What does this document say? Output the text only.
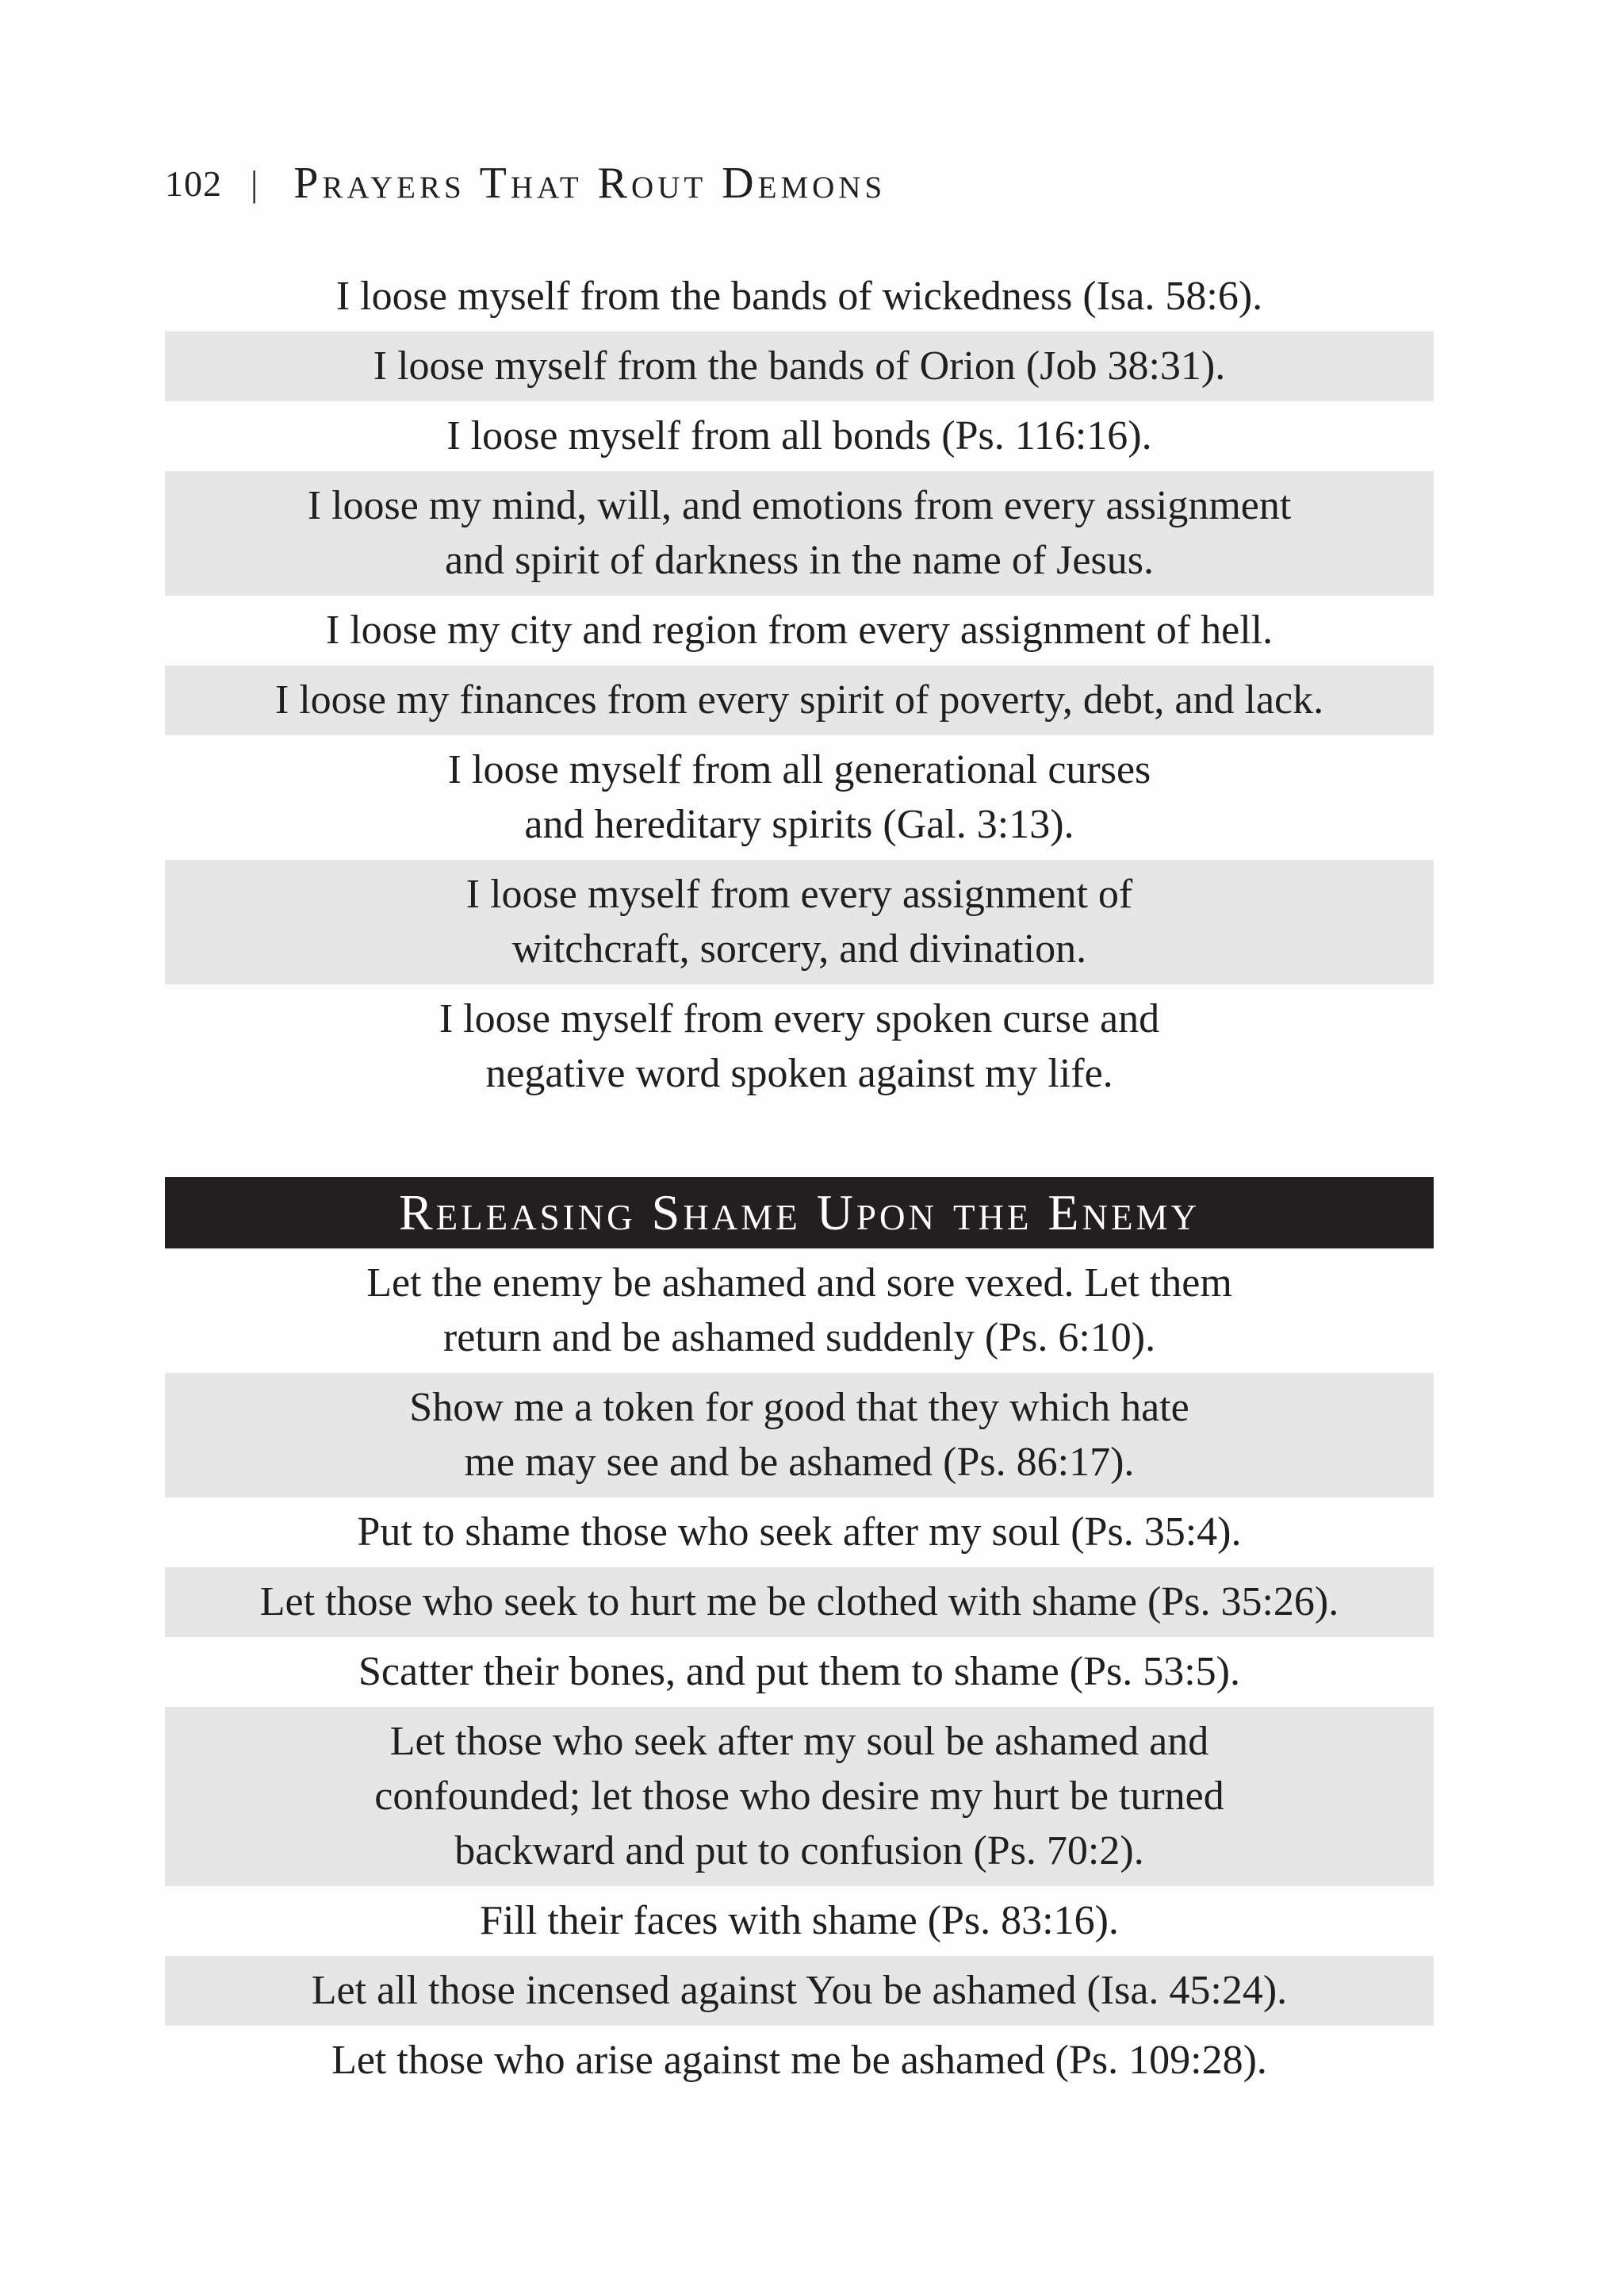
102 | Prayers That Rout Demons
I loose myself from the bands of wickedness (Isa. 58:6).
I loose myself from the bands of Orion (Job 38:31).
I loose myself from all bonds (Ps. 116:16).
I loose my mind, will, and emotions from every assignment
and spirit of darkness in the name of Jesus.
I loose my city and region from every assignment of hell.
I loose my finances from every spirit of poverty, debt, and lack.
I loose myself from all generational curses
and hereditary spirits (Gal. 3:13).
I loose myself from every assignment of
witchcraft, sorcery, and divination.
I loose myself from every spoken curse and
negative word spoken against my life.
Releasing Shame Upon the Enemy
Let the enemy be ashamed and sore vexed. Let them
return and be ashamed suddenly (Ps. 6:10).
Show me a token for good that they which hate
me may see and be ashamed (Ps. 86:17).
Put to shame those who seek after my soul (Ps. 35:4).
Let those who seek to hurt me be clothed with shame (Ps. 35:26).
Scatter their bones, and put them to shame (Ps. 53:5).
Let those who seek after my soul be ashamed and
confounded; let those who desire my hurt be turned
backward and put to confusion (Ps. 70:2).
Fill their faces with shame (Ps. 83:16).
Let all those incensed against You be ashamed (Isa. 45:24).
Let those who arise against me be ashamed (Ps. 109:28).
